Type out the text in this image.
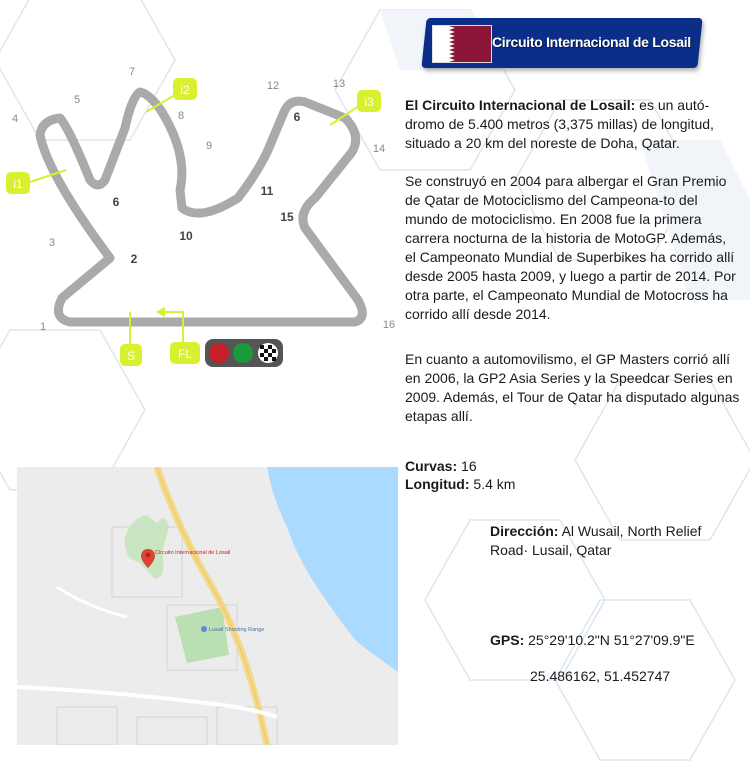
Circuito Internacional de Losail
i1
i2
i3
S	FL
1
3
4
5
7
8
9
12	13
14
16
2
6
6
10
11
15

El Circuito Internacional de Losail: es un autó-dromo de 5.400 metros (3,375 millas) de longitud, situado a 20 km del noreste de Doha, Qatar.

Se construyó en 2004 para albergar el Gran Premio de Qatar de Motociclismo del Campeona-to del mundo de motociclismo. En 2008 fue la primera carrera nocturna de la historia de MotoGP. Además, el Campeonato Mundial de Superbikes ha corrido allí desde 2005 hasta 2009, y luego a partir de 2014. Por otra parte, el Campeonato Mundial de Motocross ha corrido allí desde 2014.

En cuanto a automovilismo, el GP Masters corrió allí en 2006, la GP2 Asia Series y la Speedcar Series en 2009. Además, el Tour de Qatar ha disputado algunas etapas allí.

Curvas: 16
Longitud: 5.4 km
Dirección: Al Wusail, North Relief Road· Lusail, Qatar
GPS: 25°29'10.2"N 51°27'09.9"E
25.486162, 51.452747
Circuito Internacional de Losail
Lusail Shooting Range
